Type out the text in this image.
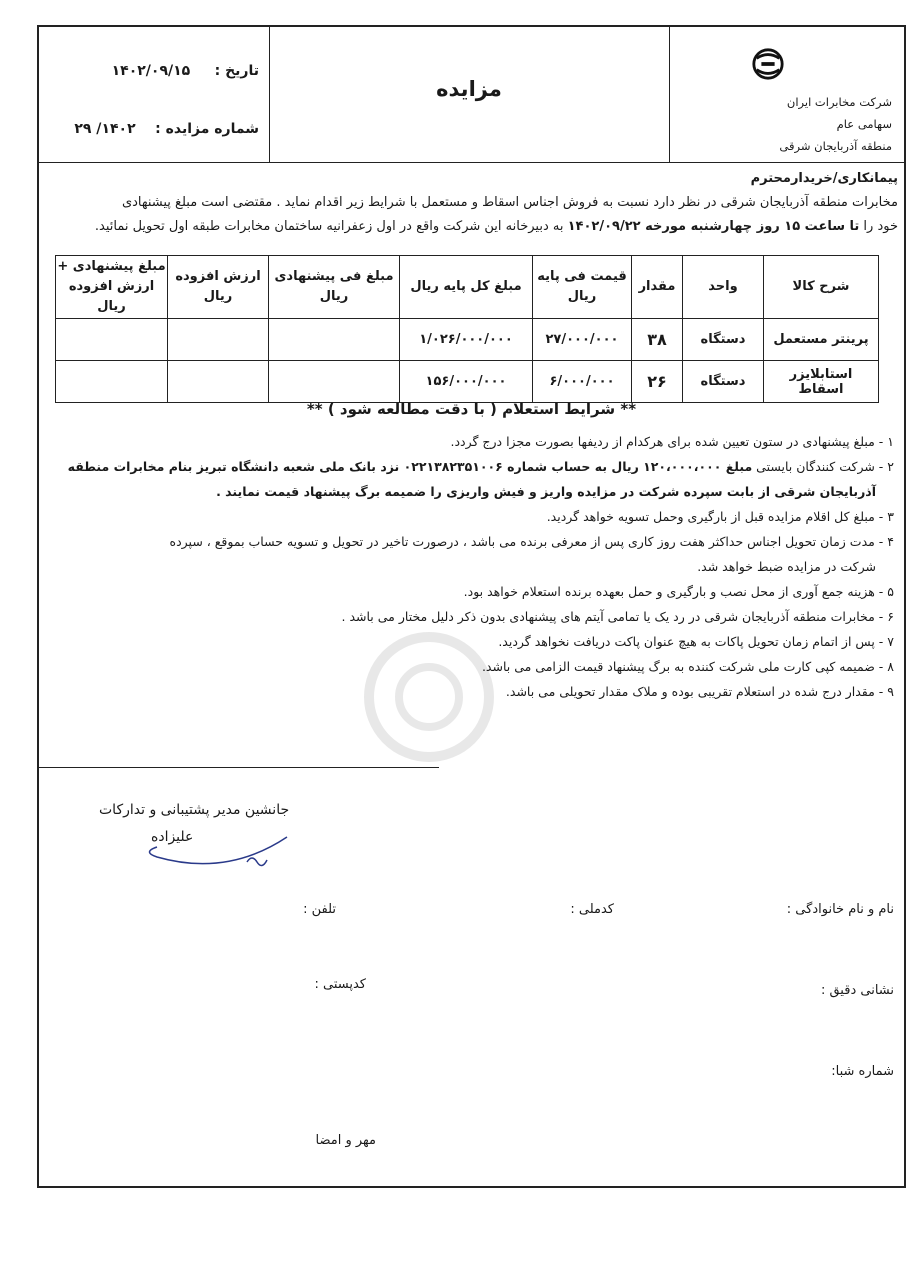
تاریخ :     ۱۴۰۲/۰۹/۱۵
شماره مزایده :    ۱۴۰۲/ ۲۹
مزایده
شرکت مخابرات ایران
سهامی عام
منطقه آذربایجان شرقی
پیمانکاری/خریدارمحترم
مخابرات منطقه آذربایجان شرقی در نظر دارد نسبت به فروش اجناس اسقاط و مستعمل با شرایط زیر اقدام نماید . مقتضی است مبلغ پیشنهادی
خود را تا ساعت ۱۵ روز چهارشنبه مورخه ۱۴۰۲/۰۹/۲۲ به دبیرخانه این شرکت واقع در اول زعفرانیه ساختمان مخابرات طبقه اول تحویل نمائید.
شرح کالا	واحد	مقدار	قیمت فی پایه ریال	مبلغ کل پایه ریال	مبلغ فی پیشنهادی ریال	ارزش افزوده ریال	مبلغ پیشنهادی + ارزش افزوده ریال
پرینتر مستعمل	دستگاه	۳۸	۲۷/۰۰۰/۰۰۰	۱/۰۲۶/۰۰۰/۰۰۰			
استابلایزر اسقاط	دستگاه	۲۶	۶/۰۰۰/۰۰۰	۱۵۶/۰۰۰/۰۰۰			
** شرایط استعلام ( با دقت مطالعه شود ) **

۱ - مبلغ پیشنهادی در ستون تعیین شده برای هرکدام از ردیفها بصورت مجزا درج گردد.

۲ - شرکت کنندگان بایستی مبلغ ۱۲۰،۰۰۰،۰۰۰ ریال به حساب شماره ۰۲۲۱۳۸۲۳۵۱۰۰۶ نزد بانک ملی شعبه دانشگاه تبریز بنام مخابرات منطقه

آذربایجان شرقی از بابت سپرده شرکت در مزایده واریز و فیش واریزی را ضمیمه برگ پیشنهاد قیمت نمایند .

۳ - مبلغ کل اقلام مزایده قبل از بارگیری وحمل تسویه خواهد گردید.

۴ - مدت زمان تحویل اجناس حداکثر هفت روز کاری پس از معرفی برنده می باشد ، درصورت تاخیر در تحویل و تسویه حساب بموقع ، سپرده

شرکت در مزایده ضبط خواهد شد.

۵ - هزینه جمع آوری از محل نصب و بارگیری و حمل بعهده برنده استعلام خواهد بود.

۶ - مخابرات منطقه آذربایجان شرقی در رد یک یا تمامی آیتم های پیشنهادی بدون ذکر دلیل مختار می باشد .

۷ - پس از اتمام زمان تحویل پاکات به هیچ عنوان پاکت دریافت نخواهد گردید.

۸ - ضمیمه کپی کارت ملی شرکت کننده به برگ پیشنهاد قیمت الزامی می باشد.

۹ - مقدار درج شده در استعلام تقریبی بوده و ملاک مقدار تحویلی می باشد.

جانشین مدیر پشتیبانی و تدارکات
علیزاده
نام و نام خانوادگی :
کدملی :
تلفن :
نشانی دقیق :
کدپستی :
شماره شبا:
مهر و امضا
